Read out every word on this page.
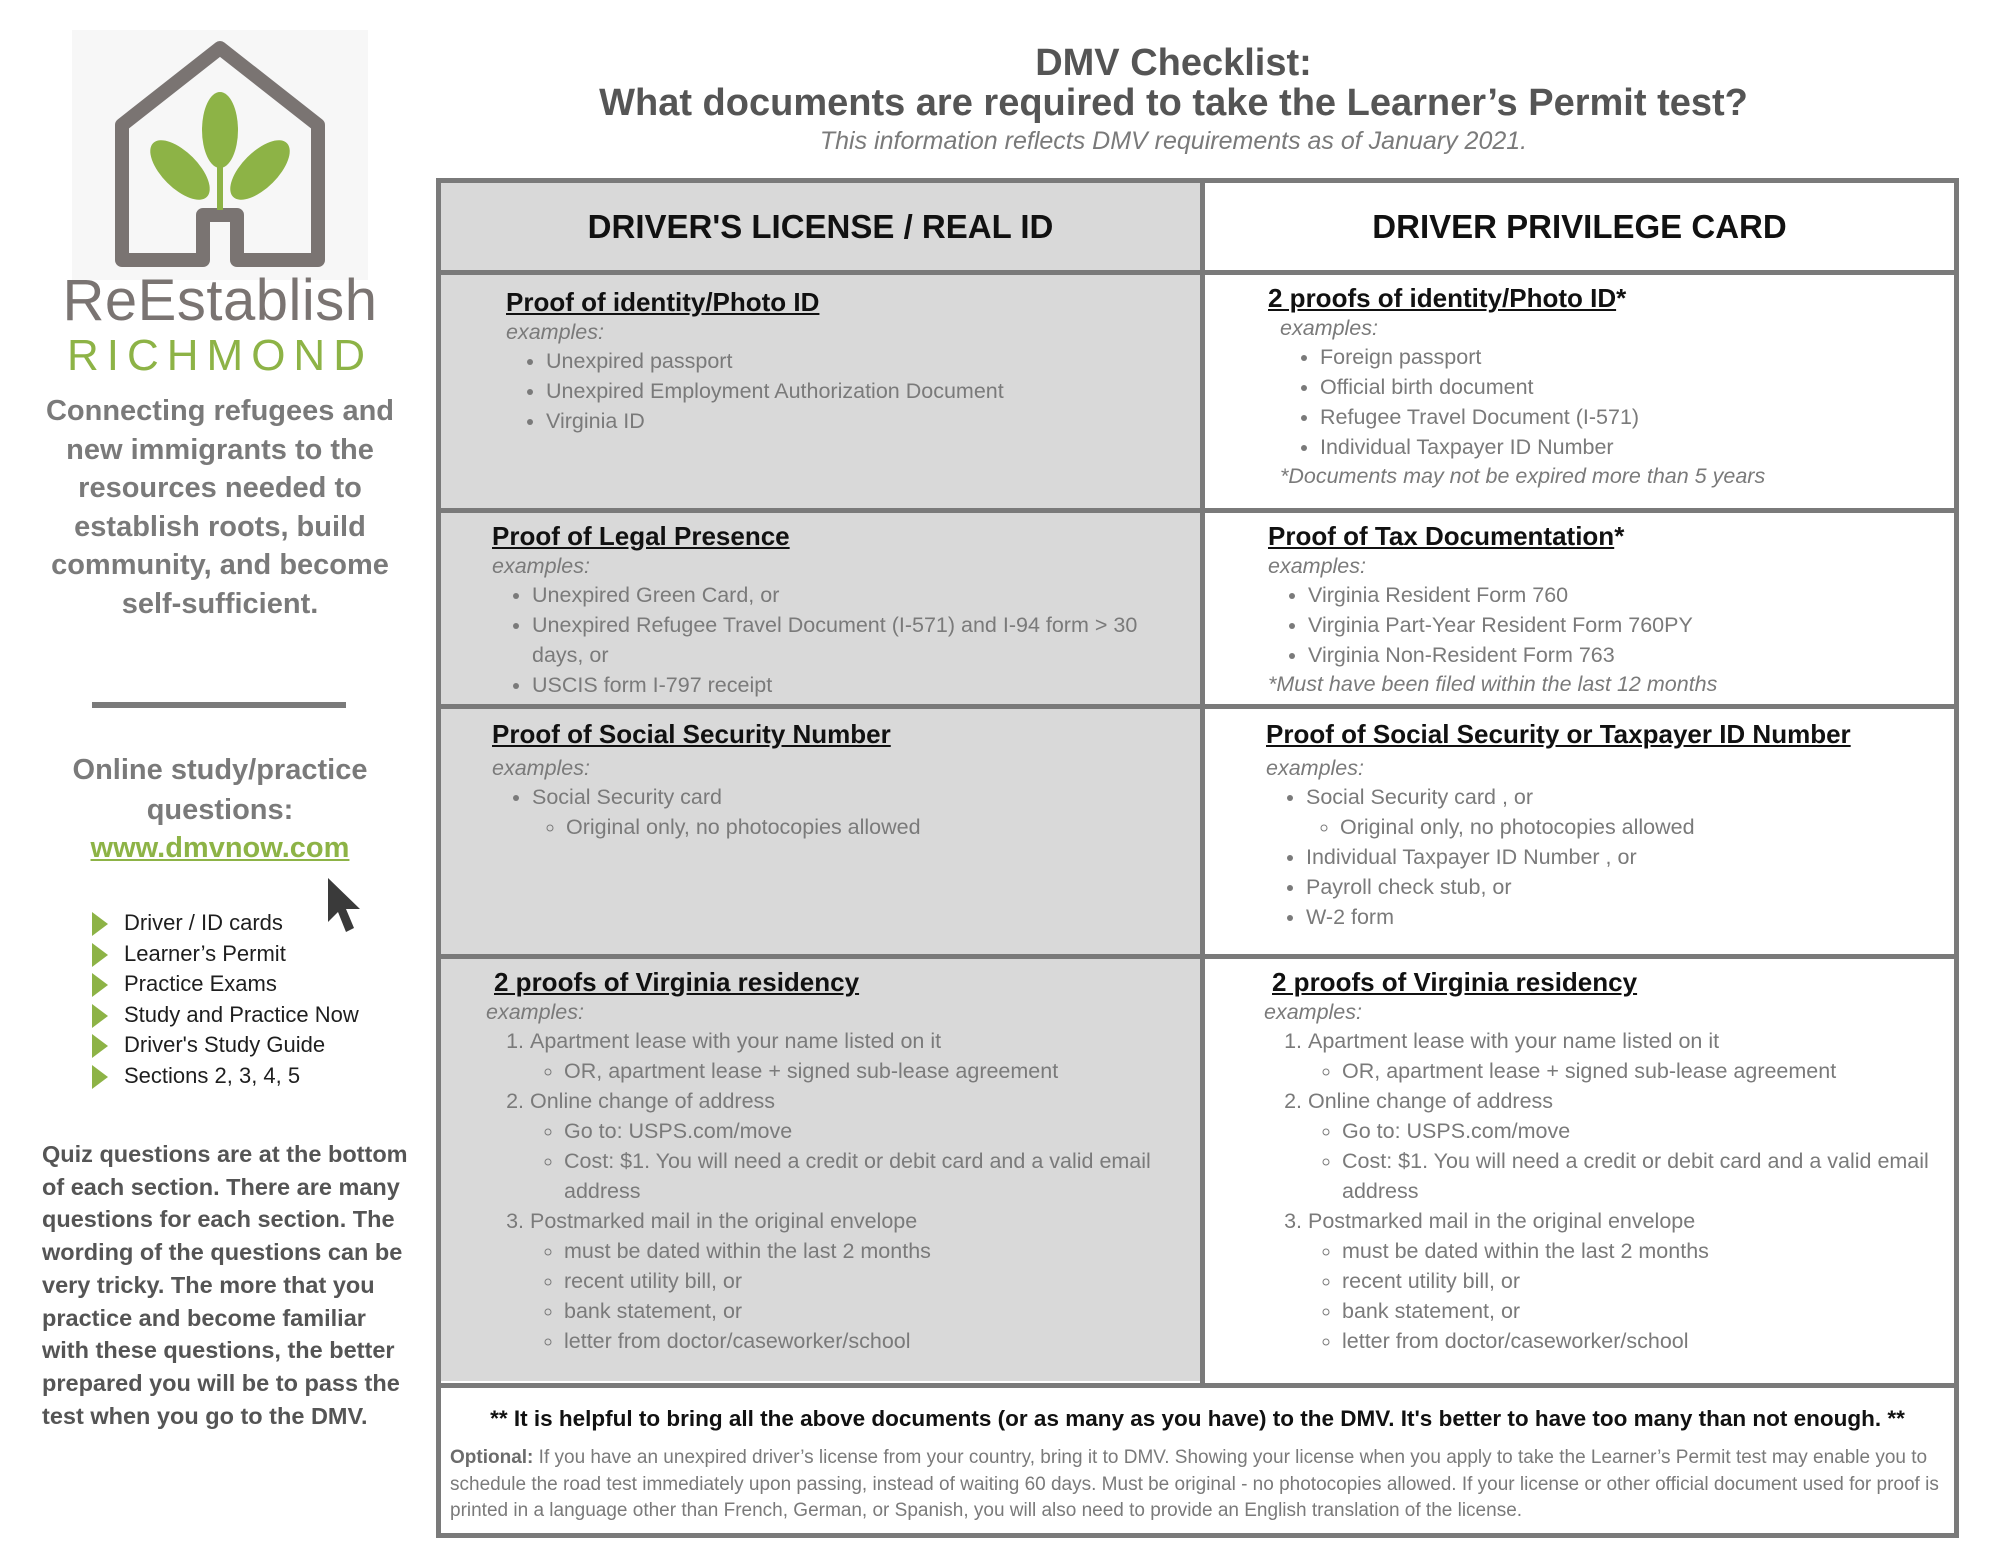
ReEstablish
RICHMOND
Connecting refugees and new immigrants to the resources needed to establish roots, build community, and become self-sufficient.
Online study/practice questions:
www.dmvnow.com
Driver / ID cards
Learner’s Permit
Practice Exams
Study and Practice Now
Driver's Study Guide
Sections 2, 3, 4, 5
Quiz questions are at the bottom of each section. There are many questions for each section. The wording of the questions can be very tricky. The more that you practice and become familiar with these questions, the better prepared you will be to pass the test when you go to the DMV.
DMV Checklist:
What documents are required to take the Learner’s Permit test?
This information reflects DMV requirements as of January 2021.
DRIVER'S LICENSE / REAL ID	DRIVER PRIVILEGE CARD
Proof of identity/Photo ID
examples:
• Unexpired passport
• Unexpired Employment Authorization Document
• Virginia ID
2 proofs of identity/Photo ID*
examples:
• Foreign passport
• Official birth document
• Refugee Travel Document (I-571)
• Individual Taxpayer ID Number
*Documents may not be expired more than 5 years
Proof of Legal Presence
examples:
• Unexpired Green Card, or
• Unexpired Refugee Travel Document (I-571) and I-94 form > 30 days, or
• USCIS form I-797 receipt
Proof of Tax Documentation*
examples:
• Virginia Resident Form 760
• Virginia Part-Year Resident Form 760PY
• Virginia Non-Resident Form 763
*Must have been filed within the last 12 months
Proof of Social Security Number
examples:
• Social Security card
◦ Original only, no photocopies allowed
Proof of Social Security or Taxpayer ID Number
examples:
• Social Security card , or
◦ Original only, no photocopies allowed
• Individual Taxpayer ID Number , or
• Payroll check stub, or
• W-2 form
2 proofs of Virginia residency
examples:
1. Apartment lease with your name listed on it
◦ OR, apartment lease + signed sub-lease agreement
2. Online change of address
◦ Go to: USPS.com/move
◦ Cost: $1. You will need a credit or debit card and a valid email address
3. Postmarked mail in the original envelope
◦ must be dated within the last 2 months
◦ recent utility bill, or
◦ bank statement, or
◦ letter from doctor/caseworker/school
2 proofs of Virginia residency
examples:
1. Apartment lease with your name listed on it
◦ OR, apartment lease + signed sub-lease agreement
2. Online change of address
◦ Go to: USPS.com/move
◦ Cost: $1. You will need a credit or debit card and a valid email address
3. Postmarked mail in the original envelope
◦ must be dated within the last 2 months
◦ recent utility bill, or
◦ bank statement, or
◦ letter from doctor/caseworker/school
** It is helpful to bring all the above documents (or as many as you have) to the DMV. It's better to have too many than not enough. **
Optional: If you have an unexpired driver’s license from your country, bring it to DMV. Showing your license when you apply to take the Learner’s Permit test may enable you to schedule the road test immediately upon passing, instead of waiting 60 days. Must be original - no photocopies allowed. If your license or other official document used for proof is printed in a language other than French, German, or Spanish, you will also need to provide an English translation of the license.
